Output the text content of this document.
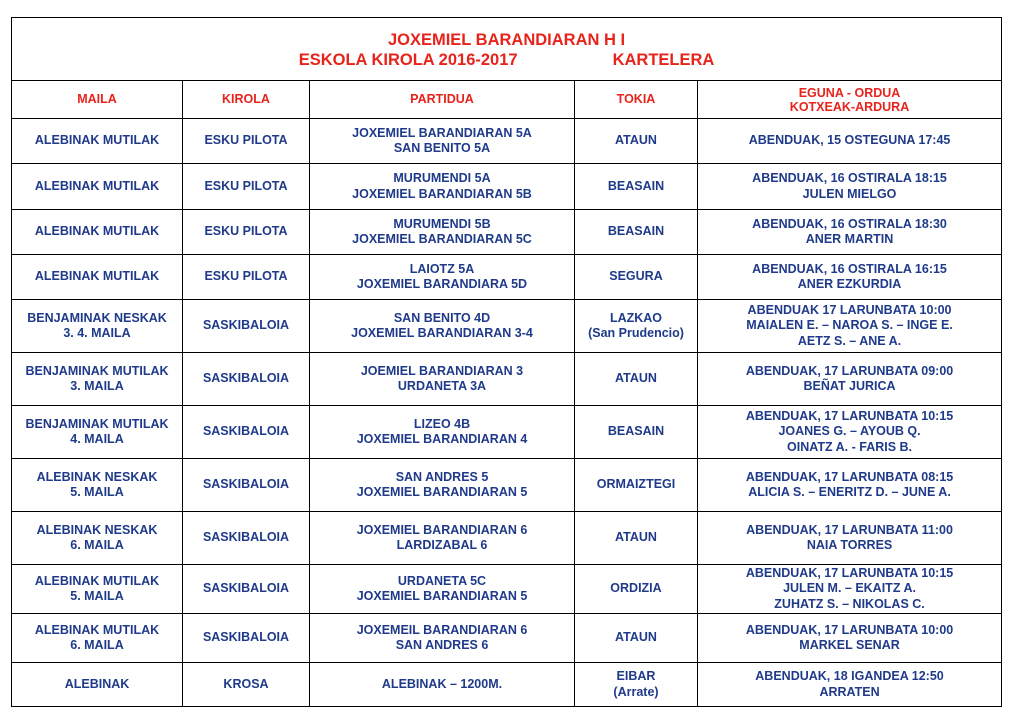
JOXEMIEL BARANDIARAN H I
ESKOLA KIROLA 2016-2017 KARTELERA				

MAILA	KIROLA	PARTIDUA	TOKIA	EGUNA - ORDUA
KOTXEAK-ARDURA

ALEBINAK MUTILAK	ESKU PILOTA	JOXEMIEL BARANDIARAN 5A
SAN BENITO 5A	ATAUN	ABENDUAK, 15 OSTEGUNA 17:45

ALEBINAK MUTILAK	ESKU PILOTA	MURUMENDI 5A
JOXEMIEL BARANDIARAN 5B	BEASAIN	ABENDUAK, 16 OSTIRALA 18:15
JULEN MIELGO

ALEBINAK MUTILAK	ESKU PILOTA	MURUMENDI 5B
JOXEMIEL BARANDIARAN 5C	BEASAIN	ABENDUAK, 16 OSTIRALA 18:30
ANER MARTIN

ALEBINAK MUTILAK	ESKU PILOTA	LAIOTZ 5A
JOXEMIEL BARANDIARA 5D	SEGURA	ABENDUAK, 16 OSTIRALA 16:15
ANER EZKURDIA

BENJAMINAK NESKAK
3. 4. MAILA	SASKIBALOIA	SAN BENITO 4D
JOXEMIEL BARANDIARAN 3-4	LAZKAO
(San Prudencio)	ABENDUAK 17 LARUNBATA 10:00
MAIALEN E. – NAROA S. – INGE E.
AETZ S. – ANE A.

BENJAMINAK MUTILAK
3. MAILA	SASKIBALOIA	JOEMIEL BARANDIARAN 3
URDANETA 3A	ATAUN	ABENDUAK, 17 LARUNBATA 09:00
BEÑAT JURICA

BENJAMINAK MUTILAK
4. MAILA	SASKIBALOIA	LIZEO 4B
JOXEMIEL BARANDIARAN 4	BEASAIN	ABENDUAK, 17 LARUNBATA 10:15
JOANES G. – AYOUB Q.
OINATZ A. - FARIS B.

ALEBINAK NESKAK
5. MAILA	SASKIBALOIA	SAN ANDRES 5
JOXEMIEL BARANDIARAN 5	ORMAIZTEGI	ABENDUAK, 17 LARUNBATA 08:15
ALICIA S. – ENERITZ D. – JUNE A.

ALEBINAK NESKAK
6. MAILA	SASKIBALOIA	JOXEMIEL BARANDIARAN 6
LARDIZABAL 6	ATAUN	ABENDUAK, 17 LARUNBATA 11:00
NAIA TORRES

ALEBINAK MUTILAK
5. MAILA	SASKIBALOIA	URDANETA 5C
JOXEMIEL BARANDIARAN 5	ORDIZIA	ABENDUAK, 17 LARUNBATA 10:15
JULEN M. – EKAITZ A.
ZUHATZ S. – NIKOLAS C.

ALEBINAK MUTILAK
6. MAILA	SASKIBALOIA	JOXEMEIL BARANDIARAN 6
SAN ANDRES 6	ATAUN	ABENDUAK, 17 LARUNBATA 10:00
MARKEL SENAR

ALEBINAK	KROSA	ALEBINAK – 1200M.	EIBAR
(Arrate)	ABENDUAK, 18 IGANDEA 12:50
ARRATEN
